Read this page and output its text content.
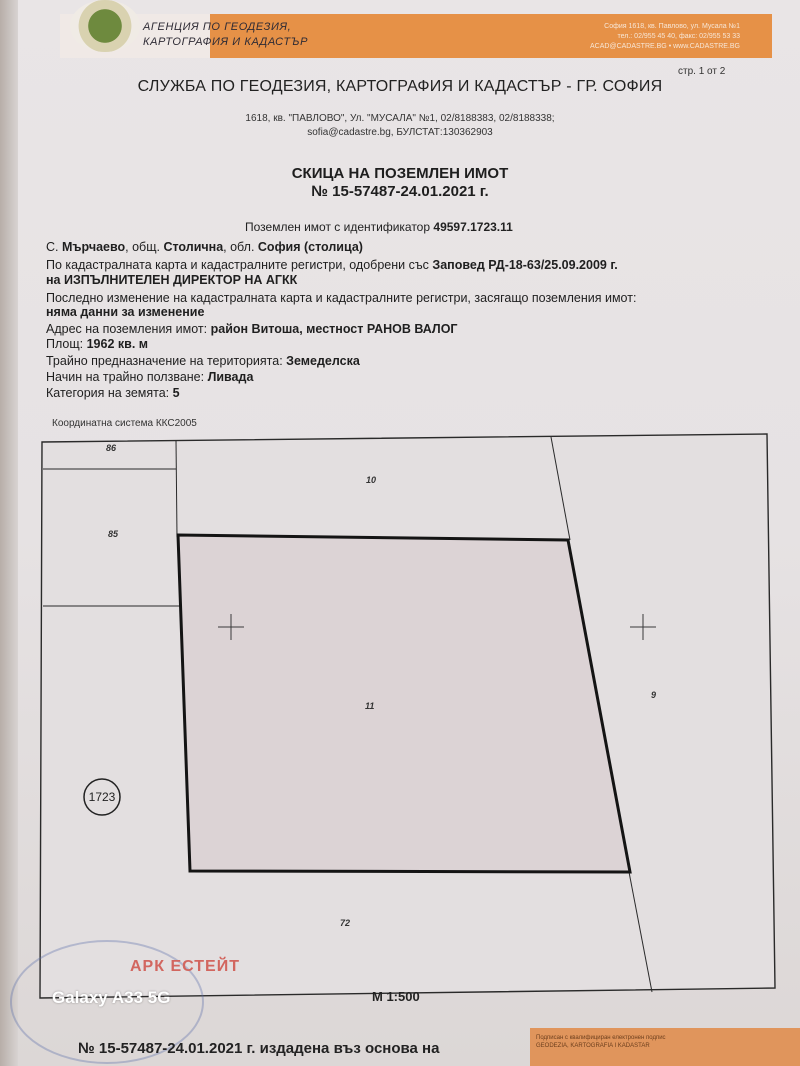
АГЕНЦИЯ ПО ГЕОДЕЗИЯ,
КАРТОГРАФИЯ И КАДАСТЪР
София 1618, кв. Павлово, ул. Мусала №1
тел.: 02/955 45 40, факс: 02/955 53 33
ACAD@CADASTRE.BG • www.CADASTRE.BG
стр. 1 от 2
СЛУЖБА ПО ГЕОДЕЗИЯ, КАРТОГРАФИЯ И КАДАСТЪР - ГР. СОФИЯ
1618, кв. "ПАВЛОВО", Ул. "МУСАЛА" №1, 02/8188383, 02/8188338;
sofia@cadastre.bg, БУЛСТАТ:130362903
СКИЦА НА ПОЗЕМЛЕН ИМОТ
№ 15-57487-24.01.2021 г.
Поземлен имот с идентификатор 49597.1723.11
С. Мърчаево, общ. Столична, обл. София (столица)
По кадастралната карта и кадастралните регистри, одобрени със Заповед РД-18-63/25.09.2009 г.
на ИЗПЪЛНИТЕЛЕН ДИРЕКТОР НА АГКК
Последно изменение на кадастралната карта и кадастралните регистри, засягащо поземления имот:
няма данни за изменение
Адрес на поземления имот: район Витоша, местност РАНОВ ВАЛОГ
Площ: 1962 кв. м
Трайно предназначение на територията: Земеделска
Начин на трайно ползване: Ливада
Категория на земята: 5
Координатна система ККС2005
86
10
85
11
9
72
1723
АРК ЕСТЕЙТ
Galaxy A33 5G	М 1:500
Подписан с квалифициран електронен подпис
GEODEZIA, KARTOGRAFIA I KADASTAR
№ 15-57487-24.01.2021 г. издадена въз основа на
